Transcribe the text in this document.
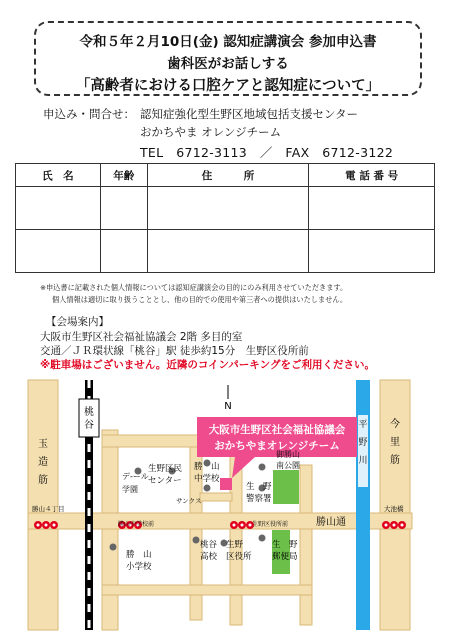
令和５年２月10日(金) 認知症講演会 参加申込書
歯科医がお話しする
「高齢者における口腔ケアと認知症について」
申込み・問合せ： 認知症強化型生野区地域包括支援センター
おかちやま オレンジチーム
TEL　6712-3113　／　FAX　6712-3122
氏　名	年齢	住　　　所	電 話 番 号

※申込書に記載された個人情報については認知症講演会の目的にのみ利用させていただきます。
個人情報は適切に取り扱うこととし、他の目的での使用や第三者への提供はいたしません。
【会場案内】
大阪市生野区社会福祉協議会 2階 多目的室
交通／ＪＲ環状線「桃谷」駅 徒歩約15分　生野区役所前
※駐車場はございません。近隣のコインパーキングをご利用ください。
桃谷
N
大阪市生野区社会福祉協議会
おかちやまオレンジチーム
玉造筋
平野川
今里筋
勝山通
勝山４丁目
勝山中学校前	生野区役所前
大池橋
デ-ール
学園
生野区民
センター
サンクス
勝　山
中学校
御勝山
南公園
生　野
警察署
桃谷
高校
生野
区役所
生　野
郵便局
勝　山
小学校
